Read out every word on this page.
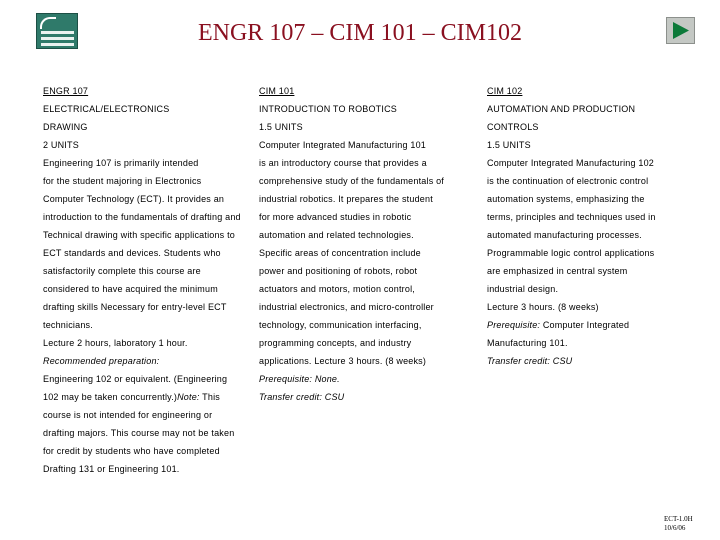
ENGR 107 – CIM 101 – CIM102
ENGR 107
ELECTRICAL/ELECTRONICS
DRAWING
2 UNITS
Engineering 107 is primarily intended
for the student majoring in Electronics
Computer Technology (ECT). It provides an
introduction to the fundamentals of drafting and
Technical drawing with specific applications to
ECT standards and devices. Students who
satisfactorily complete this course are
considered to have acquired the minimum
drafting skills Necessary for entry-level ECT
technicians.
Lecture 2 hours, laboratory 1 hour.
Recommended preparation:
Engineering 102 or equivalent. (Engineering
102 may be taken concurrently.)Note: This
course is not intended for engineering or
drafting majors. This course may not be taken
for credit by students who have completed
Drafting 131 or Engineering 101.
CIM 101
INTRODUCTION TO ROBOTICS
1.5 UNITS
Computer Integrated Manufacturing 101
is an introductory course that provides a
comprehensive study of the fundamentals of
industrial robotics. It prepares the student
for more advanced studies in robotic
automation and related technologies.
Specific areas of concentration include
power and positioning of robots, robot
actuators and motors, motion control,
industrial electronics, and micro-controller
technology, communication interfacing,
programming concepts, and industry
applications. Lecture 3 hours. (8 weeks)
Prerequisite: None.
Transfer credit: CSU
CIM 102
AUTOMATION AND PRODUCTION
CONTROLS
1.5 UNITS
Computer Integrated Manufacturing 102
is the continuation of electronic control
automation systems, emphasizing the
terms, principles and techniques used in
automated manufacturing processes.
Programmable logic control applications
are emphasized in central system
industrial design.
Lecture 3 hours. (8 weeks)
Prerequisite: Computer Integrated
Manufacturing 101.
Transfer credit: CSU
ECT-1.0H
10/6/06
